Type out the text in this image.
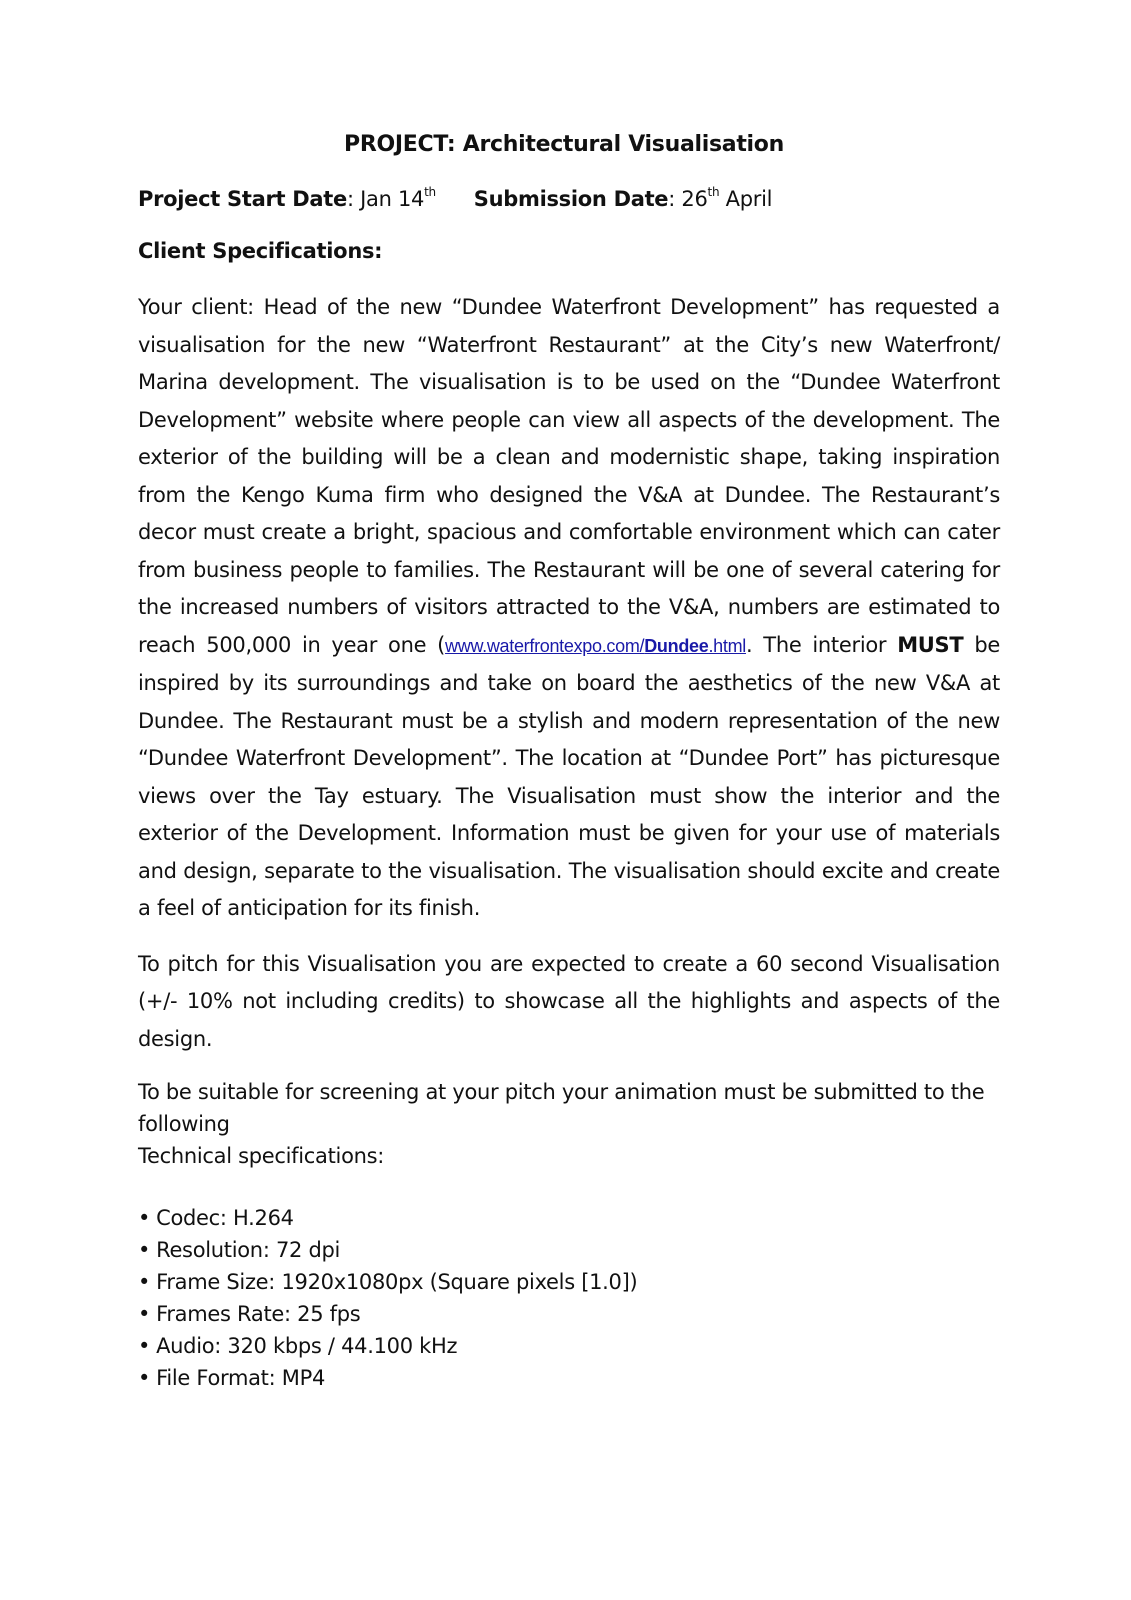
PROJECT: Architectural Visualisation
Project Start Date: Jan 14th Submission Date: 26th April
Client Specifications:

Your client: Head of the new “Dundee Waterfront Development” has requested a visualisation for the new “Waterfront Restaurant” at the City’s new Waterfront/ Marina development. The visualisation is to be used on the “Dundee Waterfront Development” website where people can view all aspects of the development. The exterior of the building will be a clean and modernistic shape, taking inspiration from the Kengo Kuma firm who designed the V&A at Dundee. The Restaurant’s decor must create a bright, spacious and comfortable environment which can cater from business people to families. The Restaurant will be one of several catering for the increased numbers of visitors attracted to the V&A, numbers are estimated to reach 500,000 in year one (www.waterfrontexpo.com/Dundee.html. The interior MUST be inspired by its surroundings and take on board the aesthetics of the new V&A at Dundee. The Restaurant must be a stylish and modern representation of the new “Dundee Waterfront Development”. The location at “Dundee Port” has picturesque views over the Tay estuary. The Visualisation must show the interior and the exterior of the Development. Information must be given for your use of materials and design, separate to the visualisation. The visualisation should excite and create a feel of anticipation for its finish.

To pitch for this Visualisation you are expected to create a 60 second Visualisation (+/- 10% not including credits) to showcase all the highlights and aspects of the design.

To be suitable for screening at your pitch your animation must be submitted to the following
Technical specifications:
• Codec: H.264
• Resolution: 72 dpi
• Frame Size: 1920x1080px (Square pixels [1.0])
• Frames Rate: 25 fps
• Audio: 320 kbps / 44.100 kHz
• File Format: MP4
